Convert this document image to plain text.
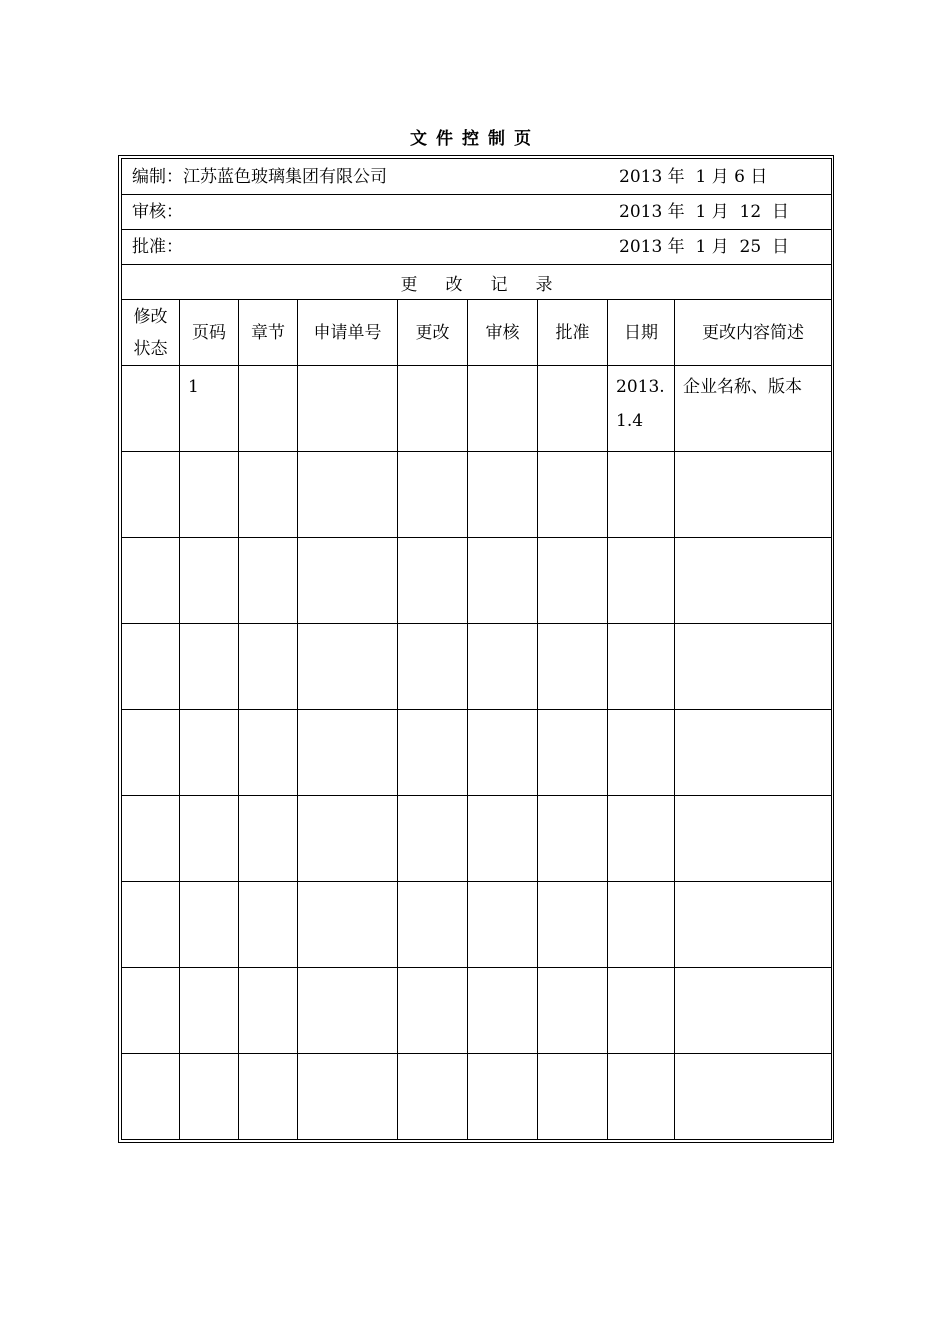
文件控制页
编制：江苏蓝色玻璃集团有限公司 2013 年  1 月 6 日								

审核： 2013 年  1 月  12  日								

批准： 2013 年  1 月  25  日								

更改记录								
修改状态	页码	章节	申请单号	更改	审核	批准	日期	更改内容简述
	1						2013.1.4	企业名称、版本
